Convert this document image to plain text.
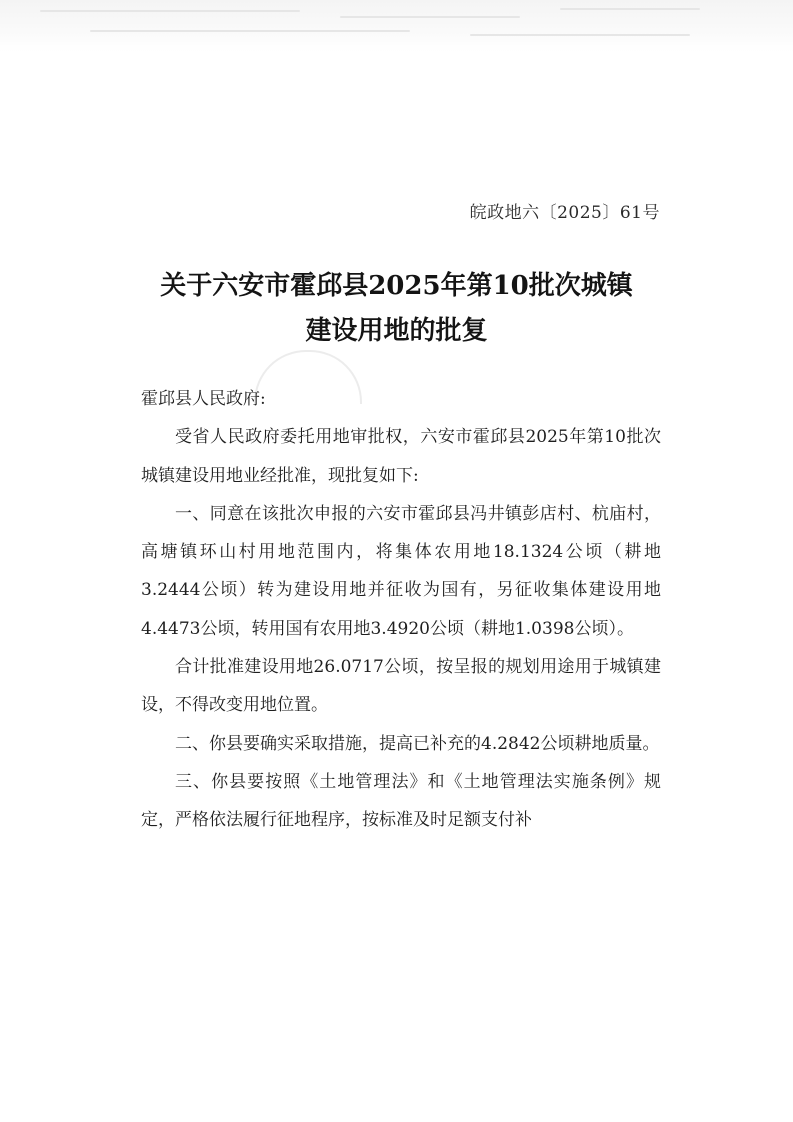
皖政地六〔2025〕61号
关于六安市霍邱县2025年第10批次城镇
建设用地的批复

霍邱县人民政府:

受省人民政府委托用地审批权，六安市霍邱县2025年第10批次城镇建设用地业经批准，现批复如下:

一、同意在该批次申报的六安市霍邱县冯井镇彭店村、杭庙村，高塘镇环山村用地范围内，将集体农用地18.1324公顷（耕地3.2444公顷）转为建设用地并征收为国有，另征收集体建设用地4.4473公顷，转用国有农用地3.4920公顷（耕地1.0398公顷）。

合计批准建设用地26.0717公顷，按呈报的规划用途用于城镇建设，不得改变用地位置。

二、你县要确实采取措施，提高已补充的4.2842公顷耕地质量。

三、你县要按照《土地管理法》和《土地管理法实施条例》规定，严格依法履行征地程序，按标准及时足额支付补
